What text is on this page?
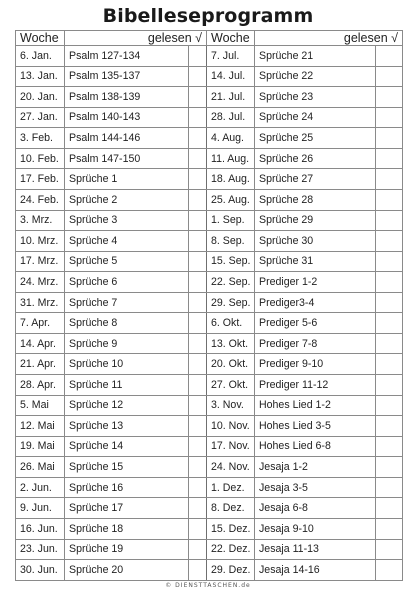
Bibelleseprogramm
Woche	gelesen √		Woche	gelesen √	
6. Jan.	Psalm 127-134		7. Jul.	Sprüche 21	
13. Jan.	Psalm 135-137		14. Jul.	Sprüche 22	
20. Jan.	Psalm 138-139		21. Jul.	Sprüche 23	
27. Jan.	Psalm 140-143		28. Jul.	Sprüche 24	
3. Feb.	Psalm 144-146		4. Aug.	Sprüche 25	
10. Feb.	Psalm 147-150		11. Aug.	Sprüche 26	
17. Feb.	Sprüche 1		18. Aug.	Sprüche 27	
24. Feb.	Sprüche 2		25. Aug.	Sprüche 28	
3. Mrz.	Sprüche 3		1. Sep.	Sprüche 29	
10. Mrz.	Sprüche 4		8. Sep.	Sprüche 30	
17. Mrz.	Sprüche 5		15. Sep.	Sprüche 31	
24. Mrz.	Sprüche 6		22. Sep.	Prediger 1-2	
31. Mrz.	Sprüche 7		29. Sep.	Prediger3-4	
7. Apr.	Sprüche 8		6. Okt.	Prediger 5-6	
14. Apr.	Sprüche 9		13. Okt.	Prediger 7-8	
21. Apr.	Sprüche 10		20. Okt.	Prediger 9-10	
28. Apr.	Sprüche 11		27. Okt.	Prediger 11-12	
5. Mai	Sprüche 12		3. Nov.	Hohes Lied 1-2	
12. Mai	Sprüche 13		10. Nov.	Hohes Lied 3-5	
19. Mai	Sprüche 14		17. Nov.	Hohes Lied 6-8	
26. Mai	Sprüche 15		24. Nov.	Jesaja 1-2	
2. Jun.	Sprüche 16		1. Dez.	Jesaja 3-5	
9. Jun.	Sprüche 17		8. Dez.	Jesaja 6-8	
16. Jun.	Sprüche 18		15. Dez.	Jesaja 9-10	
23. Jun.	Sprüche 19		22. Dez.	Jesaja 11-13	
30. Jun.	Sprüche 20		29. Dez.	Jesaja 14-16	
© DIENSTTASCHEN.de
